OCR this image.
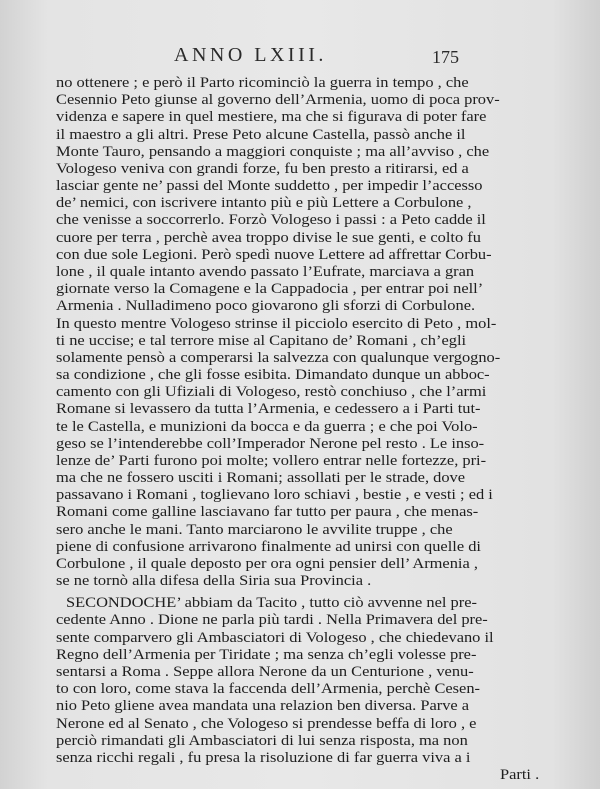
ANNO LXIII.	175
no ottenere ; e però il Parto ricominciò la guerra in tempo , che
Cesennio Peto giunse al governo dell’Armenia, uomo di poca prov-
videnza e sapere in quel mestiere, ma che si figurava di poter fare
il maestro a gli altri. Prese Peto alcune Castella, passò anche il
Monte Tauro, pensando a maggiori conquiste ; ma all’avviso , che
Vologeso veniva con grandi forze, fu ben presto a ritirarsi, ed a
lasciar gente ne’ passi del Monte suddetto , per impedir l’accesso
de’ nemici, con iscrivere intanto più e più Lettere a Corbulone ,
che venisse a soccorrerlo. Forzò Vologeso i passi : a Peto cadde il
cuore per terra , perchè avea troppo divise le sue genti, e colto fu
con due sole Legioni. Però spedì nuove Lettere ad affrettar Corbu-
lone , il quale intanto avendo passato l’Eufrate, marciava a gran
giornate verso la Comagene e la Cappadocia , per entrar poi nell’
Armenia . Nulladimeno poco giovarono gli sforzi di Corbulone.
In questo mentre Vologeso strinse il picciolo esercito di Peto , mol-
ti ne uccise; e tal terrore mise al Capitano de’ Romani , ch’egli
solamente pensò a comperarsi la salvezza con qualunque vergogno-
sa condizione , che gli fosse esibita. Dimandato dunque un abboc-
camento con gli Ufiziali di Vologeso, restò conchiuso , che l’armi
Romane si levassero da tutta l’Armenia, e cedessero a i Parti tut-
te le Castella, e munizioni da bocca e da guerra ; e che poi Volo-
geso se l’intenderebbe coll’Imperador Nerone pel resto . Le inso-
lenze de’ Parti furono poi molte; vollero entrar nelle fortezze, pri-
ma che ne fossero usciti i Romani; assollati per le strade, dove
passavano i Romani , toglievano loro schiavi , bestie , e vesti ; ed i
Romani come galline lasciavano far tutto per paura , che menas-
sero anche le mani. Tanto marciarono le avvilite truppe , che
piene di confusione arrivarono finalmente ad unirsi con quelle di
Corbulone , il quale deposto per ora ogni pensier dell’ Armenia ,
se ne tornò alla difesa della Siria sua Provincia .
SECONDOCHE’ abbiam da Tacito , tutto ciò avvenne nel pre-
cedente Anno . Dione ne parla più tardi . Nella Primavera del pre-
sente comparvero gli Ambasciatori di Vologeso , che chiedevano il
Regno dell’Armenia per Tiridate ; ma senza ch’egli volesse pre-
sentarsi a Roma . Seppe allora Nerone da un Centurione , venu-
to con loro, come stava la faccenda dell’Armenia, perchè Cesen-
nio Peto gliene avea mandata una relazion ben diversa. Parve a
Nerone ed al Senato , che Vologeso si prendesse beffa di loro , e
perciò rimandati gli Ambasciatori di lui senza risposta, ma non
senza ricchi regali , fu presa la risoluzione di far guerra viva a i
Parti .
